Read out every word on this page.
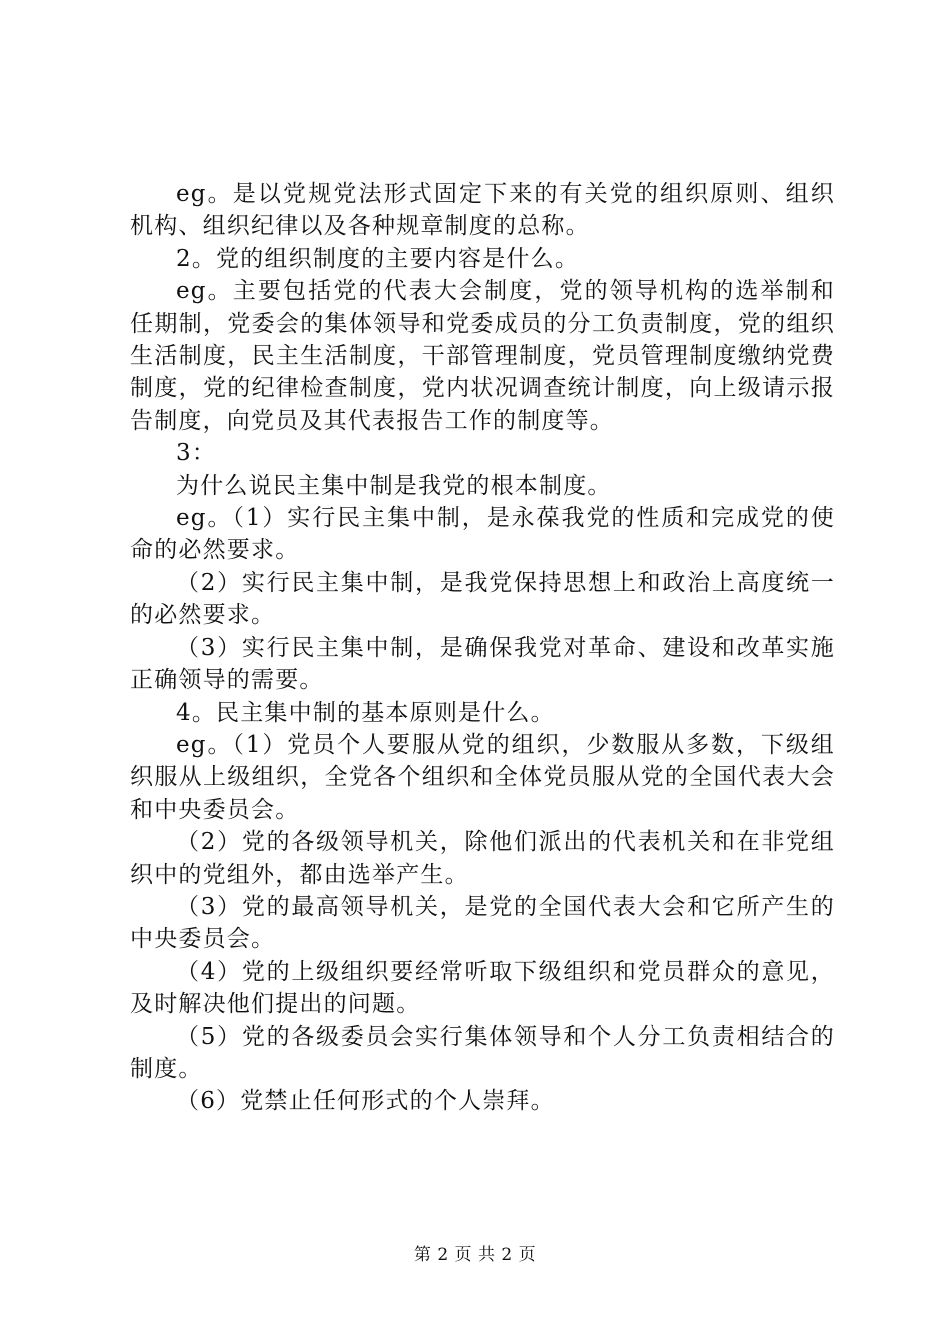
eg。是以党规党法形式固定下来的有关党的组织原则、组织机构、组织纪律以及各种规章制度的总称。

2。党的组织制度的主要内容是什么。

eg。主要包括党的代表大会制度，党的领导机构的选举制和任期制，党委会的集体领导和党委成员的分工负责制度，党的组织生活制度，民主生活制度，干部管理制度，党员管理制度缴纳党费制度，党的纪律检查制度，党内状况调查统计制度，向上级请示报告制度，向党员及其代表报告工作的制度等。

3：

为什么说民主集中制是我党的根本制度。

eg。（1）实行民主集中制，是永葆我党的性质和完成党的使命的必然要求。

（2）实行民主集中制，是我党保持思想上和政治上高度统一的必然要求。

（3）实行民主集中制，是确保我党对革命、建设和改革实施正确领导的需要。

4。民主集中制的基本原则是什么。

eg。（1）党员个人要服从党的组织，少数服从多数，下级组织服从上级组织，全党各个组织和全体党员服从党的全国代表大会和中央委员会。

（2）党的各级领导机关，除他们派出的代表机关和在非党组织中的党组外，都由选举产生。

（3）党的最高领导机关，是党的全国代表大会和它所产生的中央委员会。

（4）党的上级组织要经常听取下级组织和党员群众的意见，及时解决他们提出的问题。

（5）党的各级委员会实行集体领导和个人分工负责相结合的制度。

（6）党禁止任何形式的个人崇拜。

第 2 页 共 2 页
